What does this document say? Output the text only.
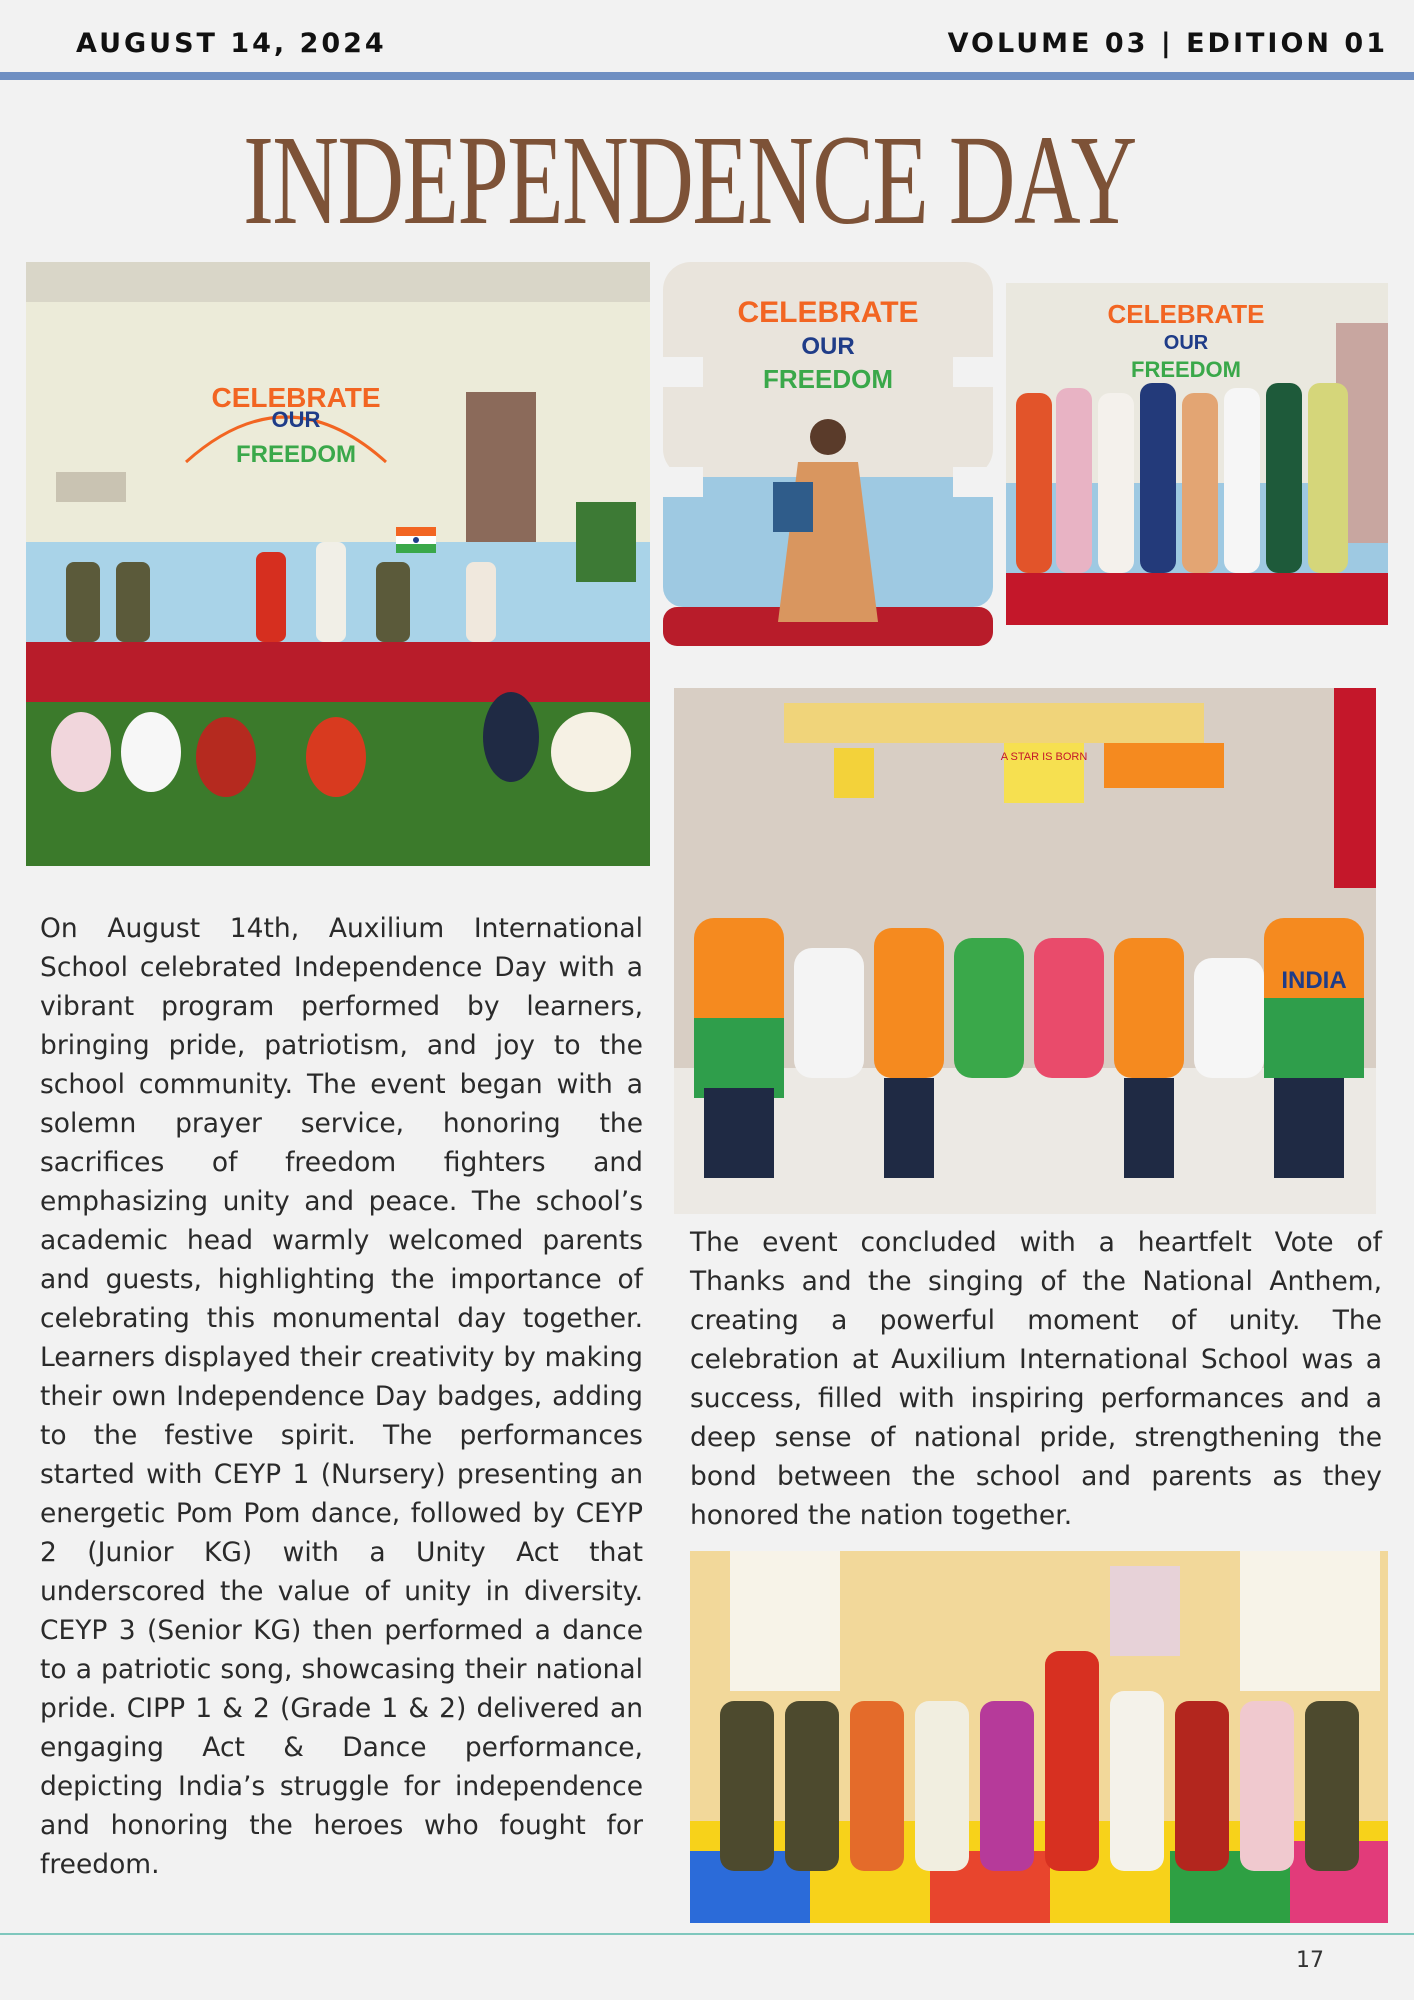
AUGUST 14, 2024	VOLUME 03 | EDITION 01
INDEPENDENCE DAY
CELEBRATE
OUR
FREEDOM
CELEBRATE
OUR
FREEDOM
CELEBRATE
OUR
FREEDOM
A STAR IS BORN
INDIA

On August 14th, Auxilium International School celebrated Independence Day with a vibrant program performed by learners, bringing pride, patriotism, and joy to the school community. The event began with a solemn prayer service, honoring the sacrifices of freedom fighters and emphasizing unity and peace. The school’s academic head warmly welcomed parents and guests, highlighting the importance of celebrating this monumental day together. Learners displayed their creativity by making their own Independence Day badges, adding to the festive spirit. The performances started with CEYP 1 (Nursery) presenting an energetic Pom Pom dance, followed by CEYP 2 (Junior KG) with a Unity Act that underscored the value of unity in diversity. CEYP 3 (Senior KG) then performed a dance to a patriotic song, showcasing their national pride. CIPP 1 & 2 (Grade 1 & 2) delivered an engaging Act & Dance performance, depicting India’s struggle for independence and honoring the heroes who fought for freedom.

The event concluded with a heartfelt Vote of Thanks and the singing of the National Anthem, creating a powerful moment of unity. The celebration at Auxilium International School was a success, filled with inspiring performances and a deep sense of national pride, strengthening the bond between the school and parents as they honored the nation together.

17
